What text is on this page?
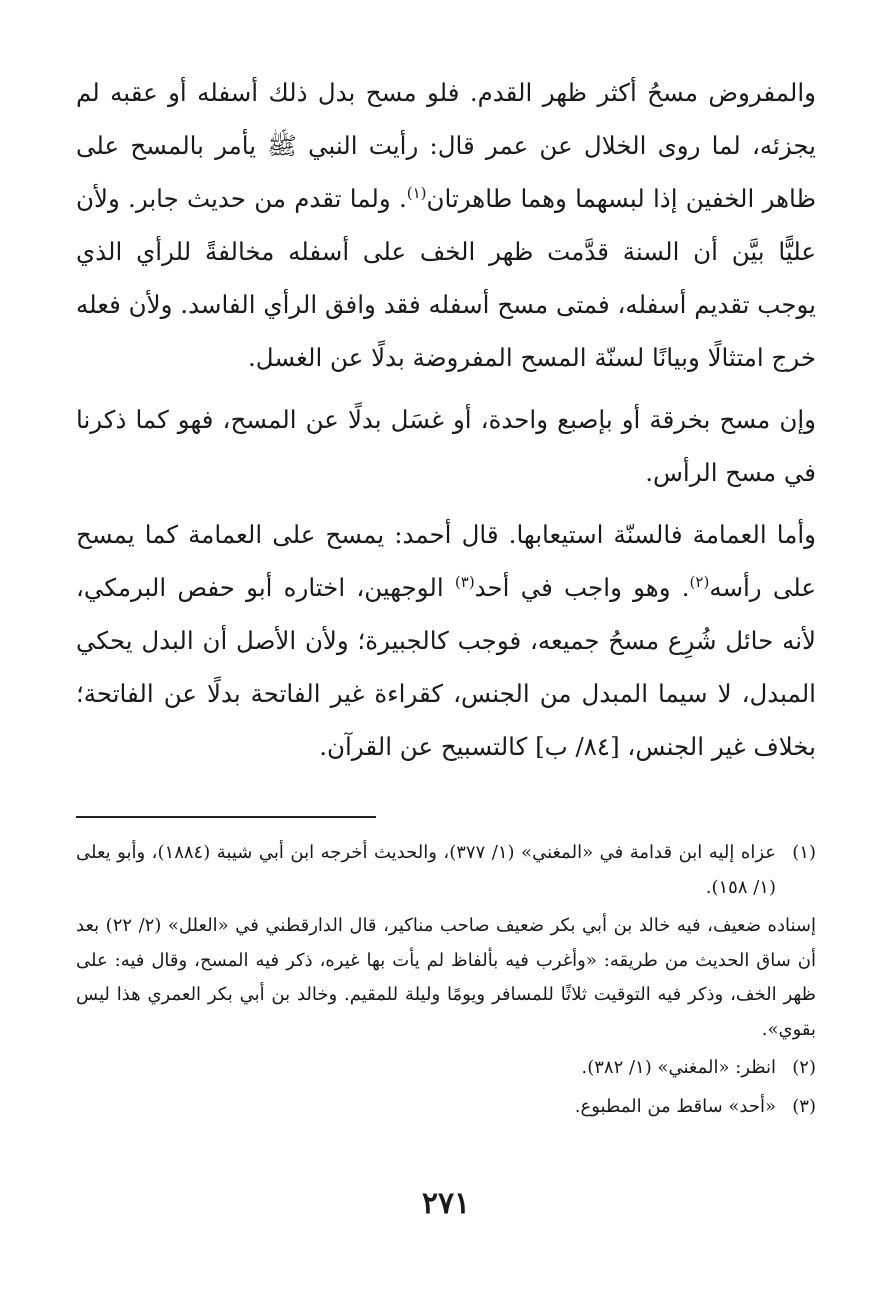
والمفروض مسحُ أكثر ظهر القدم. فلو مسح بدل ذلك أسفله أو عقبه لم يجزئه، لما روى الخلال عن عمر قال: رأيت النبي ﷺ يأمر بالمسح على ظاهر الخفين إذا لبسهما وهما طاهرتان$^{(١)}$. ولما تقدم من حديث جابر. ولأن عليًّا بيَّن أن السنة قدَّمت ظهر الخف على أسفله مخالفةً للرأي الذي يوجب تقديم أسفله، فمتى مسح أسفله فقد وافق الرأي الفاسد. ولأن فعله خرج امتثالًا وبيانًا لسنّة المسح المفروضة بدلًا عن الغسل.

وإن مسح بخرقة أو بإصبع واحدة، أو غسَل بدلًا عن المسح، فهو كما ذكرنا في مسح الرأس.

وأما العمامة فالسنّة استيعابها. قال أحمد: يمسح على العمامة كما يمسح على رأسه$^{(٢)}$. وهو واجب في أحد$^{(٣)}$ الوجهين، اختاره أبو حفص البرمكي، لأنه حائل شُرِع مسحُ جميعه، فوجب كالجبيرة؛ ولأن الأصل أن البدل يحكي المبدل، لا سيما المبدل من الجنس، كقراءة غير الفاتحة بدلًا عن الفاتحة؛ بخلاف غير الجنس، [٨٤/ ب] كالتسبيح عن القرآن.

(١)
عزاه إليه ابن قدامة في «المغني» (١/ ٣٧٧)، والحديث أخرجه ابن أبي شيبة (١٨٨٤)، وأبو يعلى (١/ ١٥٨).

إسناده ضعيف، فيه خالد بن أبي بكر ضعيف صاحب مناكير، قال الدارقطني في «العلل» (٢/ ٢٢) بعد أن ساق الحديث من طريقه: «وأغرب فيه بألفاظ لم يأت بها غيره، ذكر فيه المسح، وقال فيه: على ظهر الخف، وذكر فيه التوقيت ثلاثًا للمسافر ويومًا وليلة للمقيم. وخالد بن أبي بكر العمري هذا ليس بقوي».

(٢)
انظر: «المغني» (١/ ٣٨٢).

(٣)
«أحد» ساقط من المطبوع.

٢٧١
